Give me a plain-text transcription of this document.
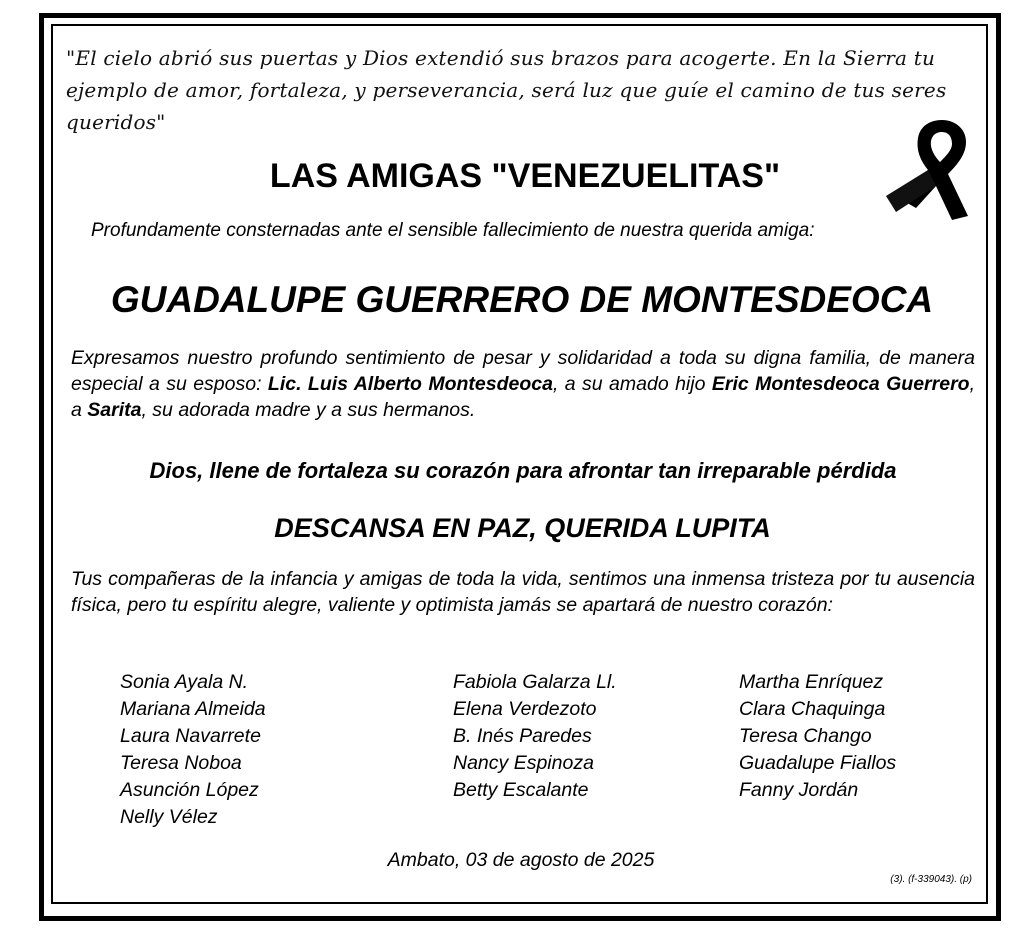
"El cielo abrió sus puertas y Dios extendió sus brazos para acogerte. En la Sierra tu ejemplo de amor, fortaleza, y perseverancia, será luz que guíe el camino de tus seres queridos"
LAS AMIGAS "VENEZUELITAS"
Profundamente consternadas ante el sensible fallecimiento de nuestra querida amiga:
GUADALUPE GUERRERO DE MONTESDEOCA
Expresamos nuestro profundo sentimiento de pesar y solidaridad a toda su digna familia, de manera especial a su esposo: Lic. Luis Alberto Montesdeoca, a su amado hijo Eric Montesdeoca Guerrero, a Sarita, su adorada madre y a sus hermanos.
Dios, llene de fortaleza su corazón para afrontar tan irreparable pérdida
DESCANSA EN PAZ, QUERIDA LUPITA
Tus compañeras de la infancia y amigas de toda la vida, sentimos una inmensa tristeza por tu ausencia física, pero tu espíritu alegre, valiente y optimista jamás se apartará de nuestro corazón:
Sonia Ayala N.
Mariana Almeida
Laura Navarrete
Teresa Noboa
Asunción López
Nelly Vélez
Fabiola Galarza Ll.
Elena Verdezoto
B. Inés Paredes
Nancy Espinoza
Betty Escalante
Martha Enríquez
Clara Chaquinga
Teresa Chango
Guadalupe Fiallos
Fanny Jordán
Ambato, 03 de agosto de 2025
(3). (f-339043). (p)
